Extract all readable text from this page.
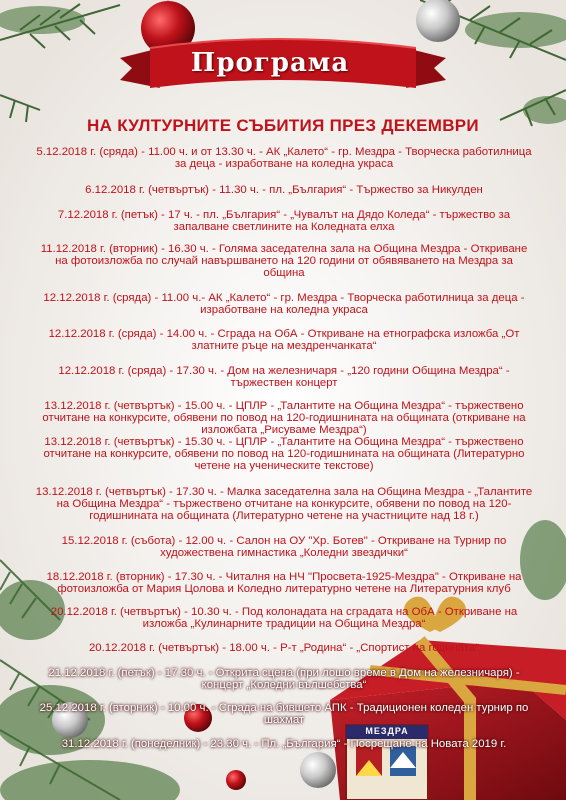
Програма
НА КУЛТУРНИТЕ СЪБИТИЯ ПРЕЗ ДЕКЕМВРИ
МЕЗДРА
5.12.2018 г. (сряда) - 11.00 ч. и от 13.30 ч. - АК „Калето“ - гр. Мездра - Творческа работилница за деца - изработване на коледна украса
6.12.2018 г. (четвъртък) - 11.30 ч. - пл. „България“ - Тържество за Никулден
7.12.2018 г. (петък) - 17 ч. - пл. „България“ - „Чувалът на Дядо Коледа“ - тържество за запалване светлините на Коледната елха
11.12.2018 г. (вторник) - 16.30 ч. - Голяма заседателна зала на Община Мездра - Откриване на фотоизложба по случай навършването на 120 години от обявяването на Мездра за община
12.12.2018 г. (сряда) - 11.00 ч.- АК „Калето“ - гр. Мездра - Творческа работилница за деца - изработване на коледна украса
12.12.2018 г. (сряда) - 14.00 ч. - Сграда на ОбА - Откриване на етнографска изложба „От златните ръце на мездренчанката“
12.12.2018 г. (сряда) - 17.30 ч. - Дом на железничаря - „120 години Община Мездра“ - тържествен концерт
13.12.2018 г. (четвъртък) - 15.00 ч. - ЦПЛР - „Талантите на Община Мездра“ - тържествено отчитане на конкурсите, обявени по повод на 120-годишнината на общината (откриване на изложбата „Рисуваме Мездра“)
13.12.2018 г. (четвъртък) - 15.30 ч. - ЦПЛР - „Талантите на Община Мездра“ - тържествено отчитане на конкурсите, обявени по повод на 120-годишнината на общината (Литературно четене на ученическите текстове)
13.12.2018 г. (четвъртък) - 17.30 ч. - Малка заседателна зала на Община Мездра - „Талантите на Община Мездра“ - тържествено отчитане на конкурсите, обявени по повод на 120-годишнината на общината (Литературно четене на участниците над 18 г.)
15.12.2018 г. (събота) - 12.00 ч. - Салон на ОУ "Хр. Ботев" - Откриване на Турнир по художествена гимнастика „Коледни звездички“
18.12.2018 г. (вторник) - 17.30 ч. - Читалня на НЧ "Просвета-1925-Мездра" - Откриване на фотоизложба от Мария Цолова и Коледно литературно четене на Литературния клуб
20.12.2018 г. (четвъртък) - 10.30 ч. - Под колонадата на сградата на ОбА - Откриване на изложба „Кулинарните традиции на Община Мездра“
20.12.2018 г. (четвъртък) - 18.00 ч. - Р-т „Родина“ - „Спортист на годината“
21.12.2018 г. (петък) - 17.30 ч. - Открита сцена (при лошо време в Дом на железничаря) - концерт „Коледни вълшебства“
25.12.2018 г. (вторник) - 10.00 ч. - Сграда на бившето АПК - Традиционен коледен турнир по шахмат
31.12.2018 г. (понеделник) - 23.30 ч. - Пл. „България“ - Посрещане на Новата 2019 г.
